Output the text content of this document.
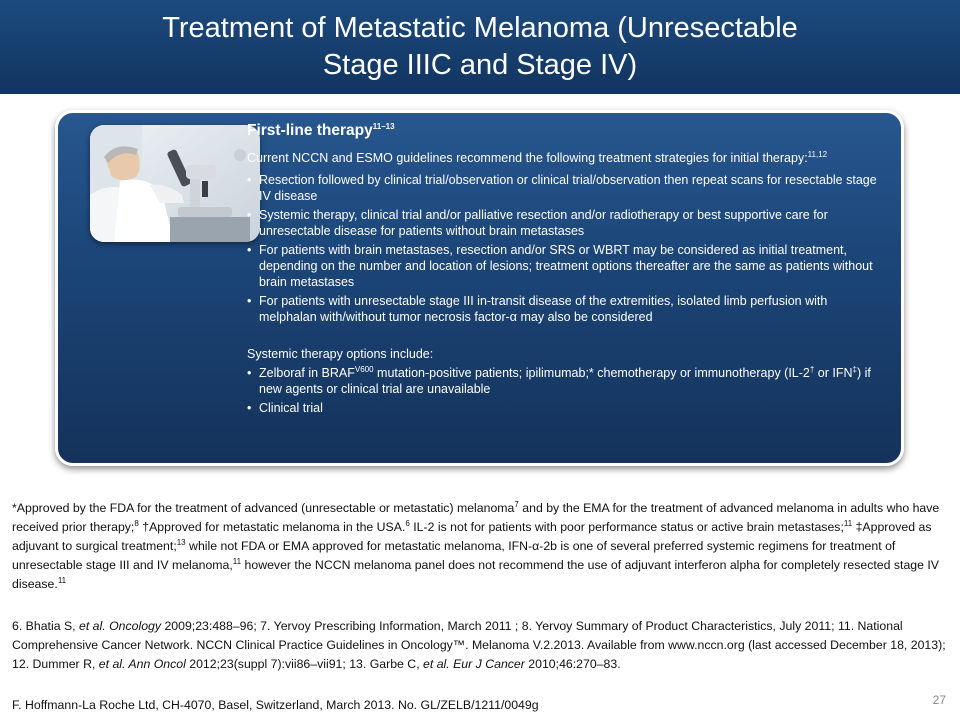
Treatment of Metastatic Melanoma (Unresectable
Stage IIIC and Stage IV)
First-line therapy$^{11-13}$
Current NCCN and ESMO guidelines recommend the following treatment strategies for initial therapy:$^{11,12}$
• Resection followed by clinical trial/observation or clinical trial/observation then repeat scans for resectable stage IV disease
• Systemic therapy, clinical trial and/or palliative resection and/or radiotherapy or best supportive care for unresectable disease for patients without brain metastases
• For patients with brain metastases, resection and/or SRS or WBRT may be considered as initial treatment, depending on the number and location of lesions; treatment options thereafter are the same as patients without brain metastases
• For patients with unresectable stage III in-transit disease of the extremities, isolated limb perfusion with melphalan with/without tumor necrosis factor-α may also be considered
Systemic therapy options include:
• Zelboraf in $BRAF^{V600}$ mutation-positive patients; ipilimumab;* chemotherapy or immunotherapy (IL-2† or IFN‡) if new agents or clinical trial are unavailable
• Clinical trial
*Approved by the FDA for the treatment of advanced (unresectable or metastatic) melanoma$^7$ and by the EMA for the treatment of advanced melanoma in adults who have received prior therapy;$^8$ †Approved for metastatic melanoma in the USA.$^6$ IL-2 is not for patients with poor performance status or active brain metastases;$^{11}$ ‡Approved as adjuvant to surgical treatment;$^{13}$ while not FDA or EMA approved for metastatic melanoma, IFN-α-2b is one of several preferred systemic regimens for treatment of unresectable stage III and IV melanoma,$^{11}$ however the NCCN melanoma panel does not recommend the use of adjuvant interferon alpha for completely resected stage IV disease.$^{11}$
6. Bhatia S, et al. Oncology 2009;23:488–96; 7. Yervoy Prescribing Information, March 2011 ; 8. Yervoy Summary of Product Characteristics, July 2011; 11. National Comprehensive Cancer Network. NCCN Clinical Practice Guidelines in Oncology™. Melanoma V.2.2013. Available from www.nccn.org (last accessed December 18, 2013); 12. Dummer R, et al. Ann Oncol 2012;23(suppl 7):vii86–vii91; 13. Garbe C, et al. Eur J Cancer 2010;46:270–83.
F. Hoffmann-La Roche Ltd, CH-4070, Basel, Switzerland, March 2013. No. GL/ZELB/1211/0049g	27
